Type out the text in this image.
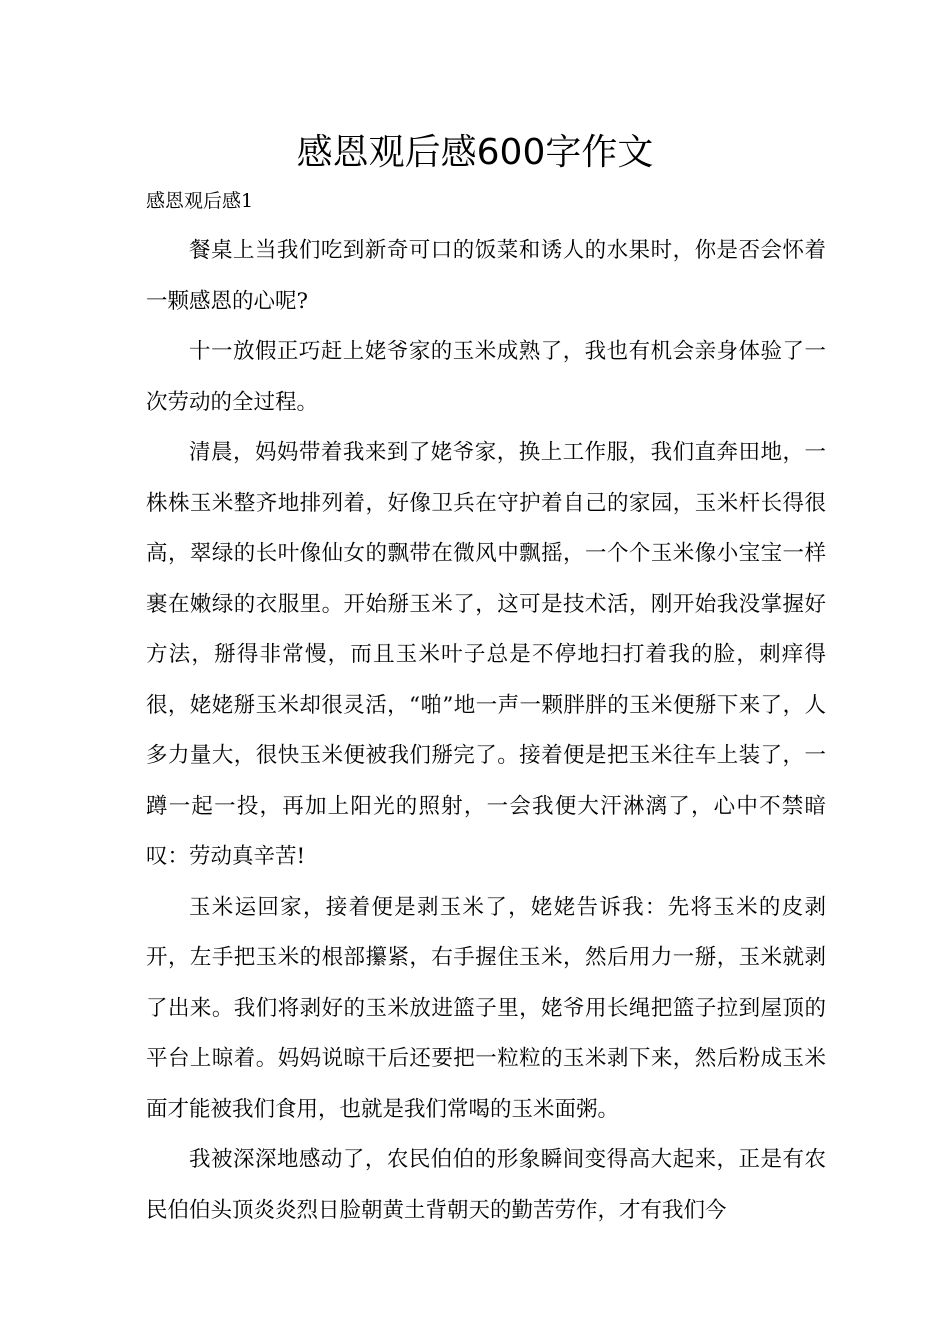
感恩观后感600字作文
感恩观后感1

餐桌上当我们吃到新奇可口的饭菜和诱人的水果时，你是否会怀着一颗感恩的心呢?

十一放假正巧赶上姥爷家的玉米成熟了，我也有机会亲身体验了一次劳动的全过程。

清晨，妈妈带着我来到了姥爷家，换上工作服，我们直奔田地，一株株玉米整齐地排列着，好像卫兵在守护着自己的家园，玉米杆长得很高，翠绿的长叶像仙女的飘带在微风中飘摇，一个个玉米像小宝宝一样裹在嫩绿的衣服里。开始掰玉米了，这可是技术活，刚开始我没掌握好方法，掰得非常慢，而且玉米叶子总是不停地扫打着我的脸，刺痒得很，姥姥掰玉米却很灵活，“啪”地一声一颗胖胖的玉米便掰下来了，人多力量大，很快玉米便被我们掰完了。接着便是把玉米往车上装了，一蹲一起一投，再加上阳光的照射，一会我便大汗淋漓了，心中不禁暗叹：劳动真辛苦!

玉米运回家，接着便是剥玉米了，姥姥告诉我：先将玉米的皮剥开，左手把玉米的根部攥紧，右手握住玉米，然后用力一掰，玉米就剥了出来。我们将剥好的玉米放进篮子里，姥爷用长绳把篮子拉到屋顶的平台上晾着。妈妈说晾干后还要把一粒粒的玉米剥下来，然后粉成玉米面才能被我们食用，也就是我们常喝的玉米面粥。

我被深深地感动了，农民伯伯的形象瞬间变得高大起来，正是有农民伯伯头顶炎炎烈日脸朝黄土背朝天的勤苦劳作，才有我们今
